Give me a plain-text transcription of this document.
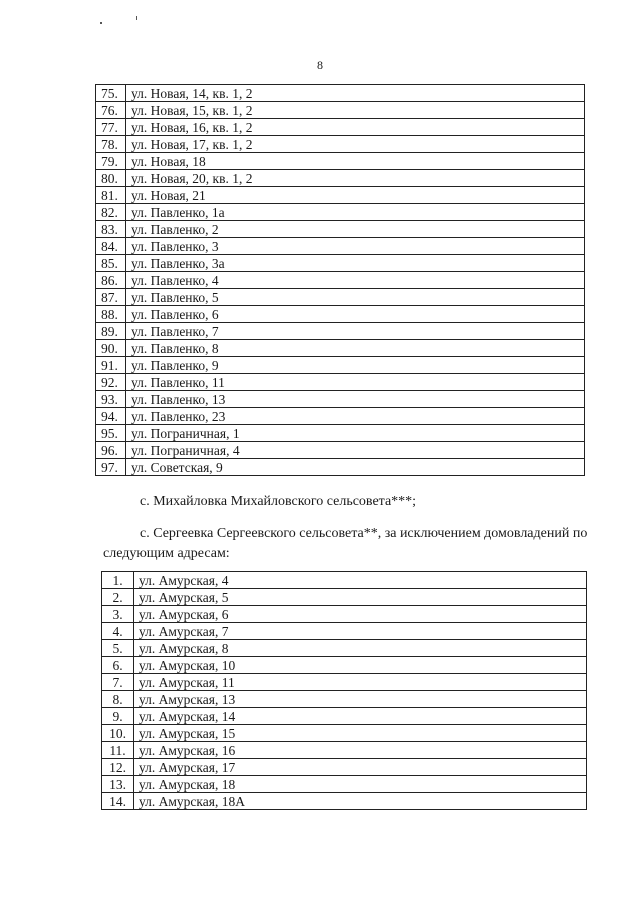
8
75.	ул. Новая, 14, кв. 1, 2
76.	ул. Новая, 15, кв. 1, 2
77.	ул. Новая, 16, кв. 1, 2
78.	ул. Новая, 17, кв. 1, 2
79.	ул. Новая, 18
80.	ул. Новая, 20, кв. 1, 2
81.	ул. Новая, 21
82.	ул. Павленко, 1а
83.	ул. Павленко, 2
84.	ул. Павленко, 3
85.	ул. Павленко, 3а
86.	ул. Павленко, 4
87.	ул. Павленко, 5
88.	ул. Павленко, 6
89.	ул. Павленко, 7
90.	ул. Павленко, 8
91.	ул. Павленко, 9
92.	ул. Павленко, 11
93.	ул. Павленко, 13
94.	ул. Павленко, 23
95.	ул. Пограничная, 1
96.	ул. Пограничная, 4
97.	ул. Советская, 9

с. Михайловка Михайловского сельсовета***;

с. Сергеевка Сергеевского сельсовета**, за исключением домовладений по следующим адресам:

1.	ул. Амурская, 4
2.	ул. Амурская, 5
3.	ул. Амурская, 6
4.	ул. Амурская, 7
5.	ул. Амурская, 8
6.	ул. Амурская, 10
7.	ул. Амурская, 11
8.	ул. Амурская, 13
9.	ул. Амурская, 14
10.	ул. Амурская, 15
11.	ул. Амурская, 16
12.	ул. Амурская, 17
13.	ул. Амурская, 18
14.	ул. Амурская, 18А
